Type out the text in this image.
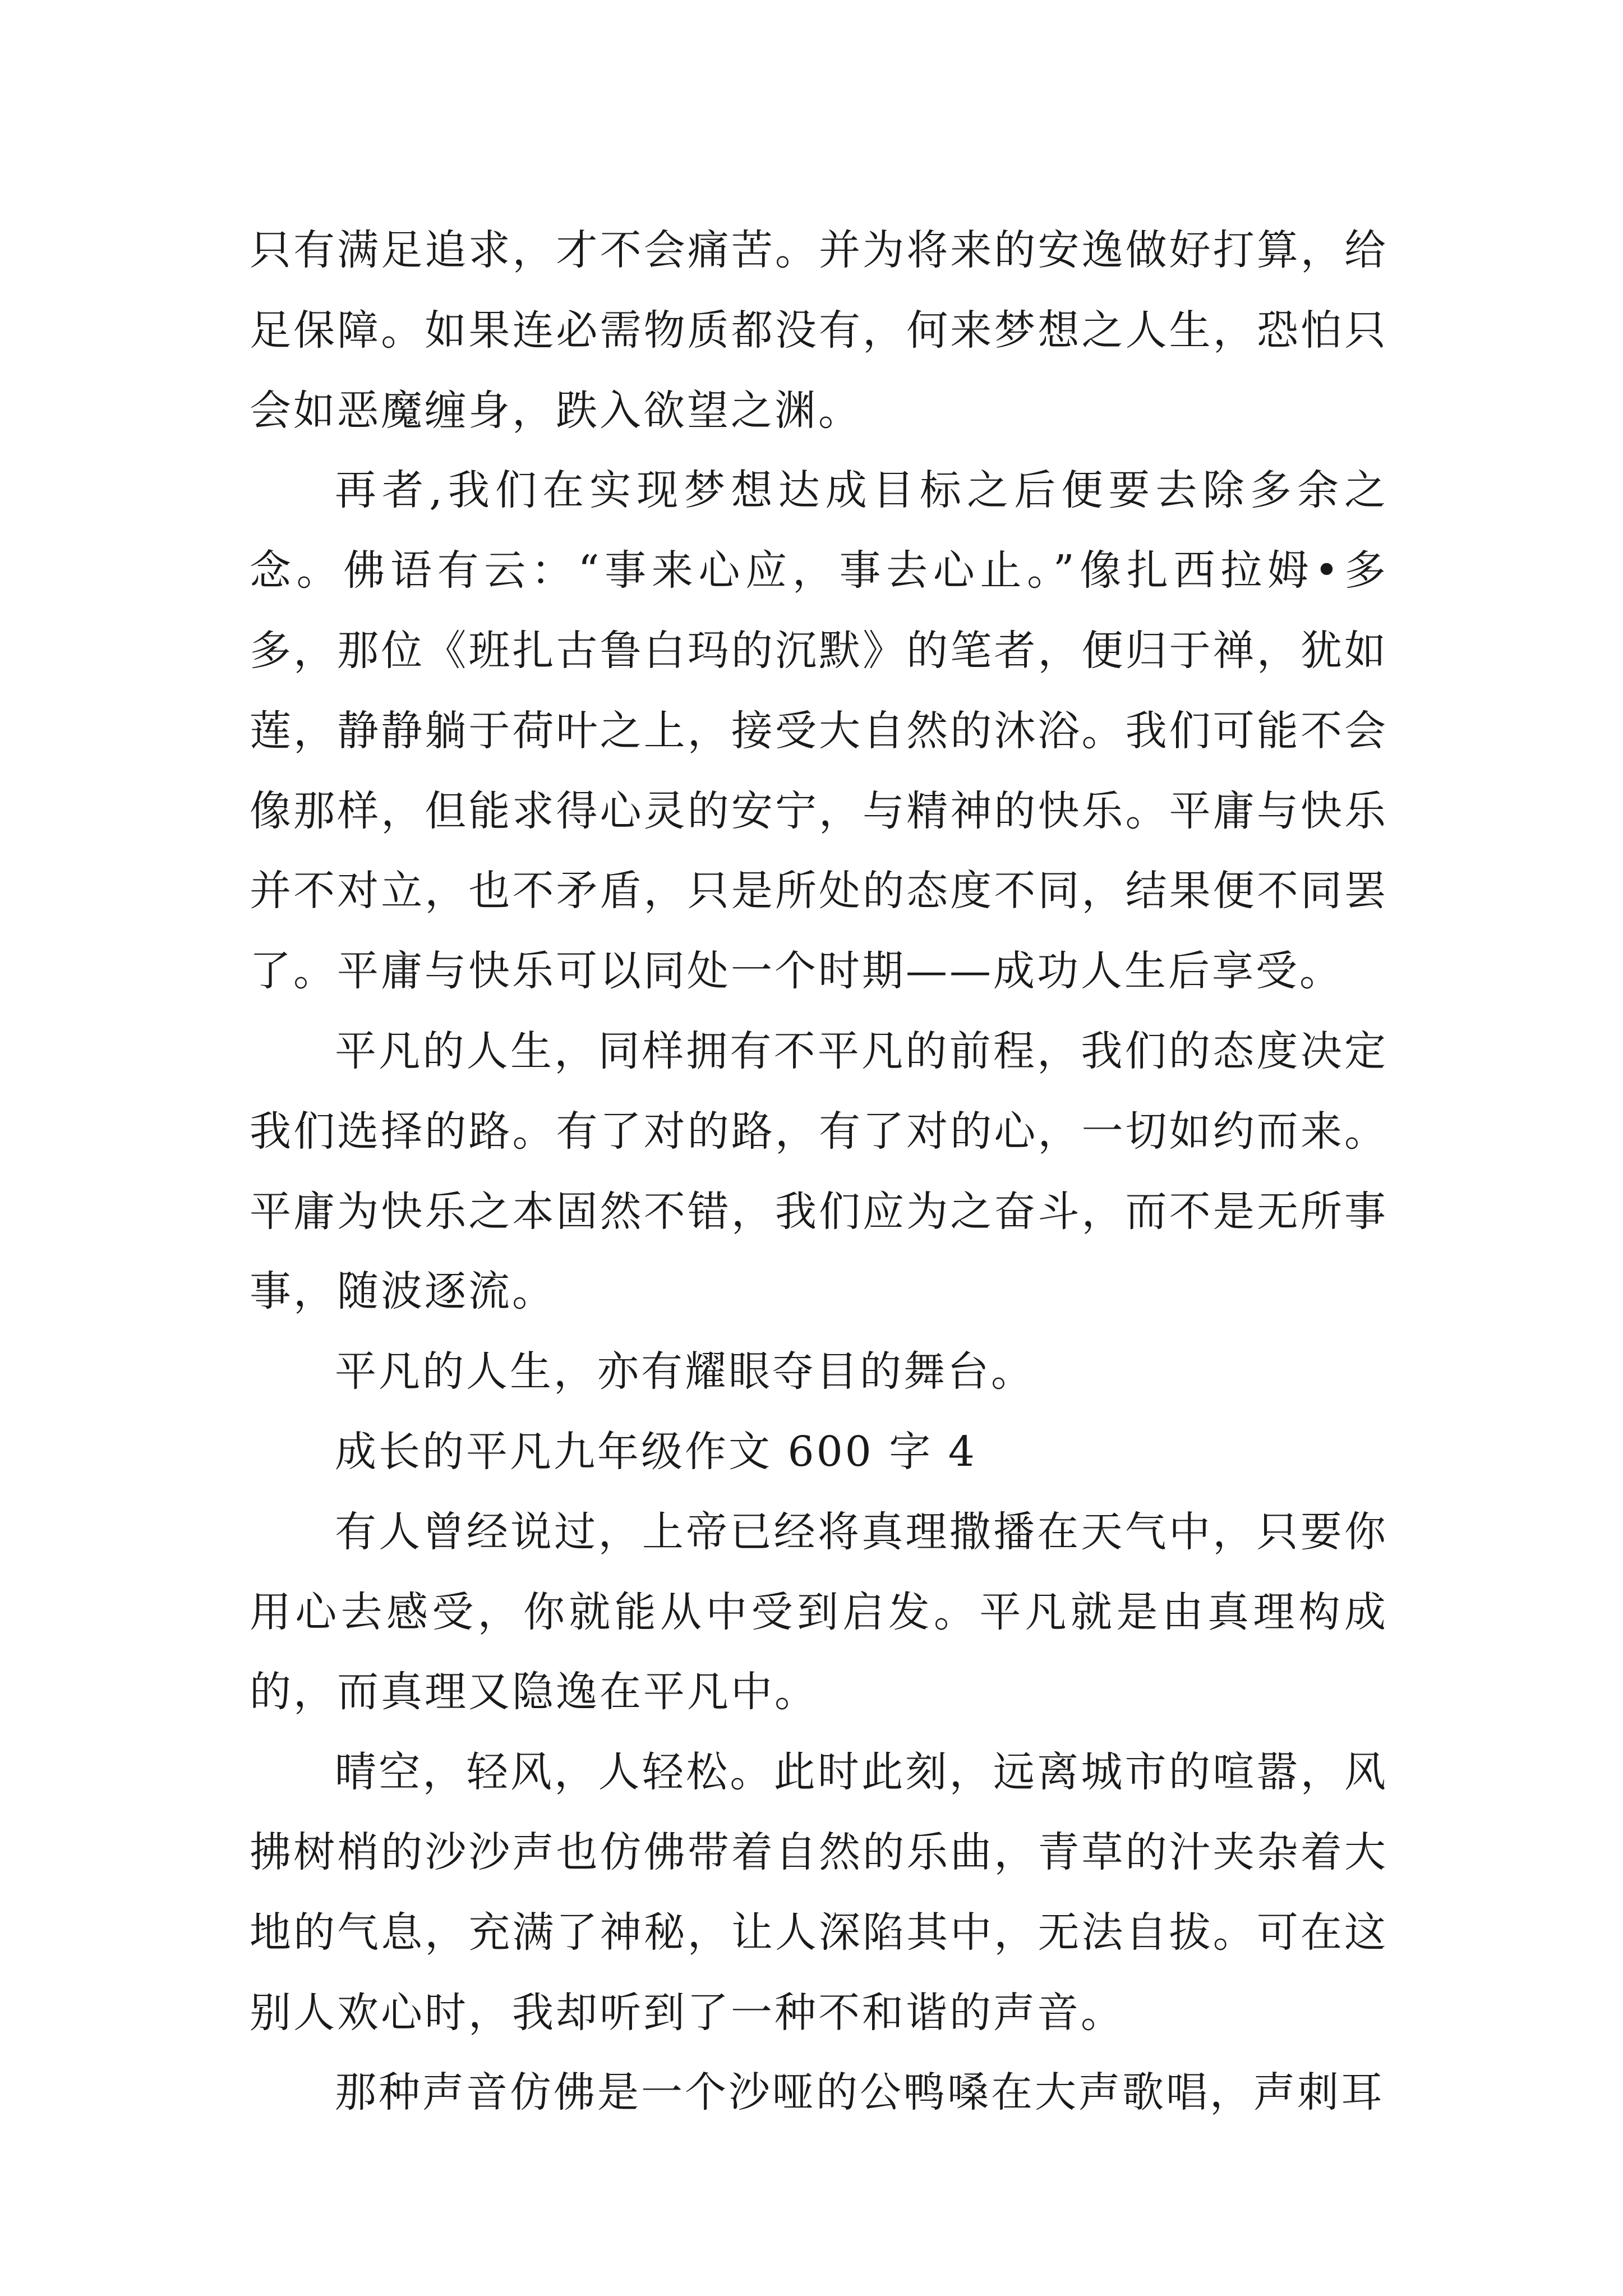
只有满足追求，才不会痛苦。并为将来的安逸做好打算，给足保障。如果连必需物质都没有，何来梦想之人生，恐怕只会如恶魔缠身，跌入欲望之渊。

再者,我们在实现梦想达成目标之后便要去除多余之念。佛语有云：“事来心应，事去心止。”像扎西拉姆•多多，那位《班扎古鲁白玛的沉默》的笔者，便归于禅，犹如莲，静静躺于荷叶之上，接受大自然的沐浴。我们可能不会像那样，但能求得心灵的安宁，与精神的快乐。平庸与快乐并不对立，也不矛盾，只是所处的态度不同，结果便不同罢了。平庸与快乐可以同处一个时期——成功人生后享受。

平凡的人生，同样拥有不平凡的前程，我们的态度决定我们选择的路。有了对的路，有了对的心，一切如约而来。平庸为快乐之本固然不错，我们应为之奋斗，而不是无所事事，随波逐流。

平凡的人生，亦有耀眼夺目的舞台。

成长的平凡九年级作文 600 字 4

有人曾经说过，上帝已经将真理撒播在天气中，只要你用心去感受，你就能从中受到启发。平凡就是由真理构成的，而真理又隐逸在平凡中。

晴空，轻风，人轻松。此时此刻，远离城市的喧嚣，风拂树梢的沙沙声也仿佛带着自然的乐曲，青草的汁夹杂着大地的气息，充满了神秘，让人深陷其中，无法自拔。可在这别人欢心时，我却听到了一种不和谐的声音。

那种声音仿佛是一个沙哑的公鸭嗓在大声歌唱，声刺耳
